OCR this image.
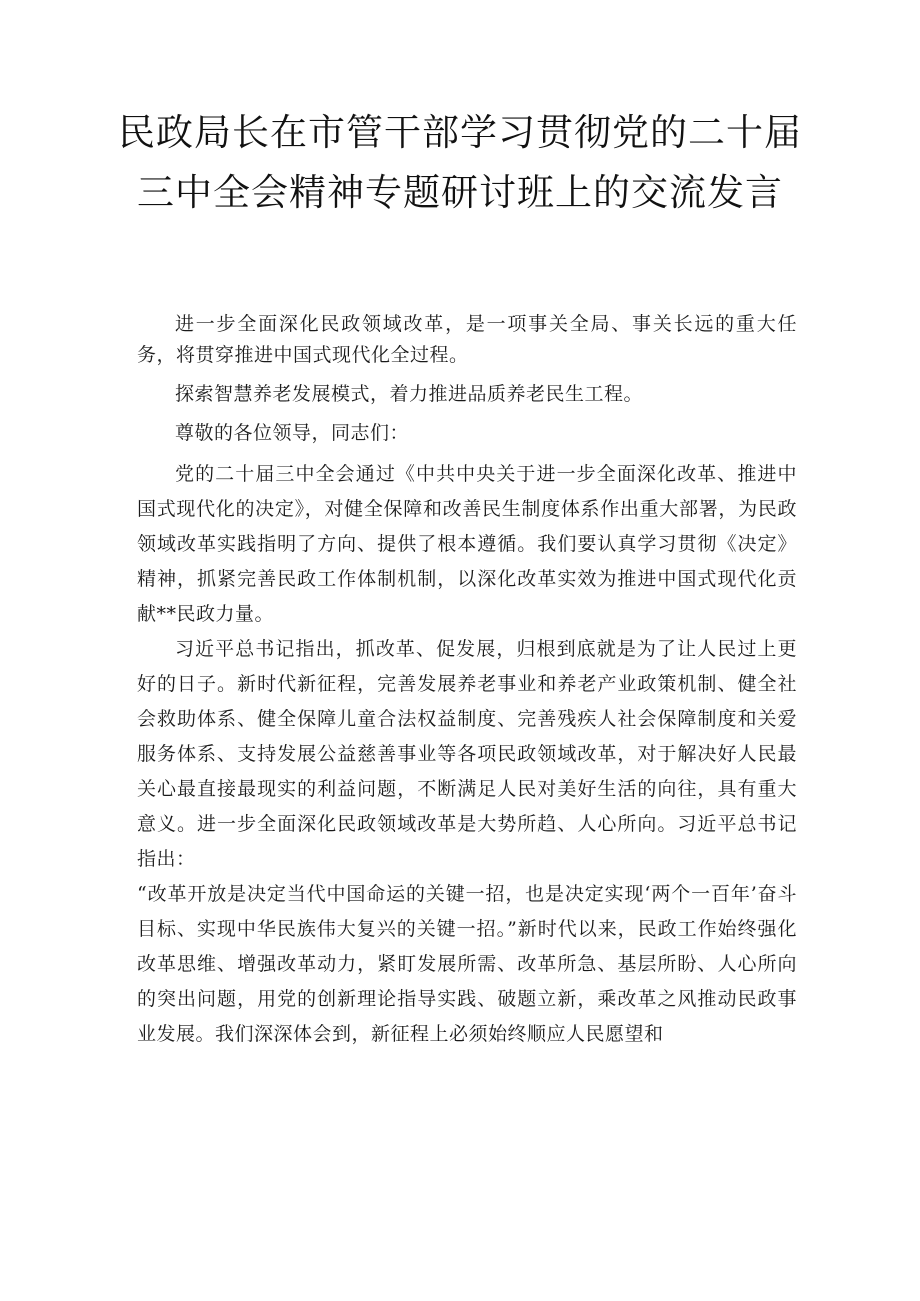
民政局长在市管干部学习贯彻党的二十届
三中全会精神专题研讨班上的交流发言

进一步全面深化民政领域改革，是一项事关全局、事关长远的重大任务，将贯穿推进中国式现代化全过程。

探索智慧养老发展模式，着力推进品质养老民生工程。

尊敬的各位领导，同志们：

党的二十届三中全会通过《中共中央关于进一步全面深化改革、推进中国式现代化的决定》，对健全保障和改善民生制度体系作出重大部署，为民政领域改革实践指明了方向、提供了根本遵循。我们要认真学习贯彻《决定》精神，抓紧完善民政工作体制机制，以深化改革实效为推进中国式现代化贡献**民政力量。

习近平总书记指出，抓改革、促发展，归根到底就是为了让人民过上更好的日子。新时代新征程，完善发展养老事业和养老产业政策机制、健全社会救助体系、健全保障儿童合法权益制度、完善残疾人社会保障制度和关爱服务体系、支持发展公益慈善事业等各项民政领域改革，对于解决好人民最关心最直接最现实的利益问题，不断满足人民对美好生活的向往，具有重大意义。进一步全面深化民政领域改革是大势所趋、人心所向。习近平总书记指出：

“改革开放是决定当代中国命运的关键一招，也是决定实现‘两个一百年’奋斗目标、实现中华民族伟大复兴的关键一招。”新时代以来，民政工作始终强化改革思维、增强改革动力，紧盯发展所需、改革所急、基层所盼、人心所向的突出问题，用党的创新理论指导实践、破题立新，乘改革之风推动民政事业发展。我们深深体会到，新征程上必须始终顺应人民愿望和
